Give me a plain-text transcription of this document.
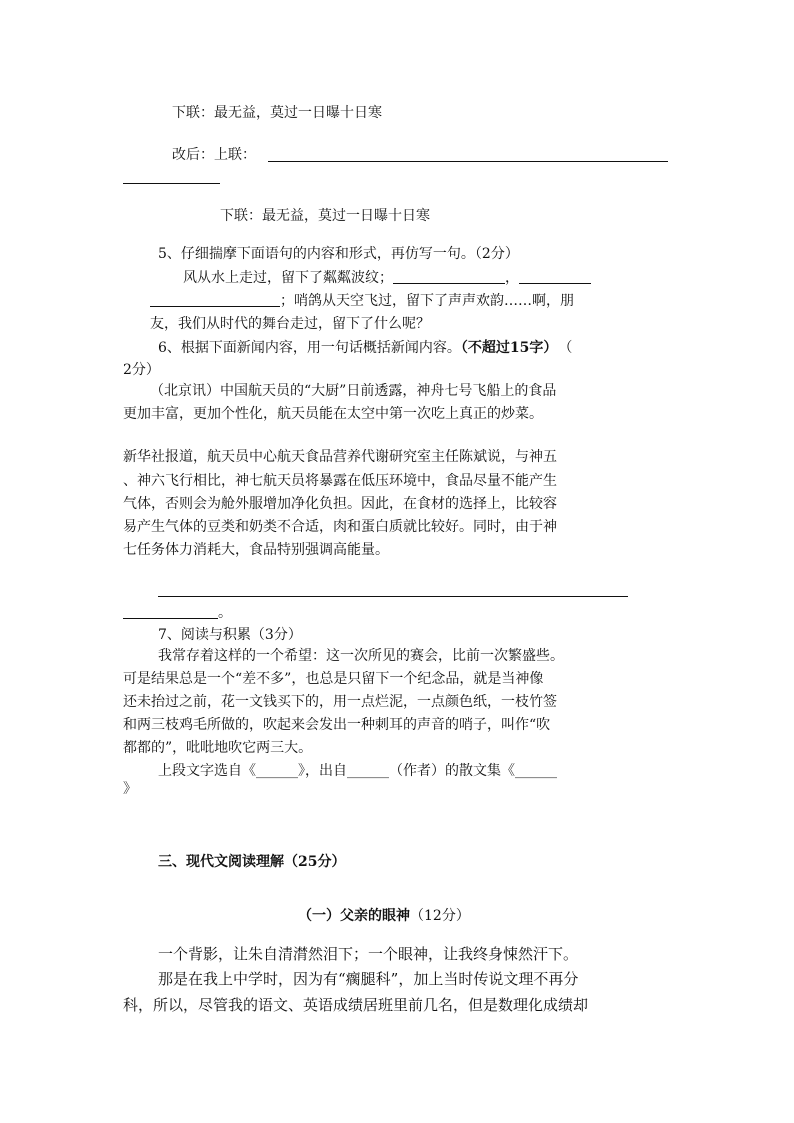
下联：最无益，莫过一日曝十日寒
改后：上联：
下联：最无益，莫过一日曝十日寒
5、仔细揣摩下面语句的内容和形式，再仿写一句。（2分）
风从水上走过，留下了粼粼波纹；	，
；哨鸽从天空飞过，留下了声声欢韵……啊，朋
友，我们从时代的舞台走过，留下了什么呢？
6、根据下面新闻内容，用一句话概括新闻内容。（不超过15字） （
2分）
（北京讯）中国航天员的“大厨”日前透露，神舟七号飞船上的食品
更加丰富，更加个性化，航天员能在太空中第一次吃上真正的炒菜。
新华社报道，航天员中心航天食品营养代谢研究室主任陈斌说，与神五
、神六飞行相比，神七航天员将暴露在低压环境中，食品尽量不能产生
气体，否则会为舱外服增加净化负担。因此，在食材的选择上，比较容
易产生气体的豆类和奶类不合适，肉和蛋白质就比较好。同时，由于神
七任务体力消耗大，食品特别强调高能量。
。
7、阅读与积累（3分）
我常存着这样的一个希望：这一次所见的赛会，比前一次繁盛些。
可是结果总是一个“差不多”，也总是只留下一个纪念品，就是当神像
还未抬过之前，花一文钱买下的，用一点烂泥，一点颜色纸，一枝竹签
和两三枝鸡毛所做的，吹起来会发出一种刺耳的声音的哨子，叫作“吹
都都的”，吡吡地吹它两三大。
上段文字选自《______》，出自______（作者）的散文集《______
》
三、现代文阅读理解（25分）
（一）父亲的眼神（12分）
一个背影，让朱自清潸然泪下；一个眼神，让我终身悚然汗下。
那是在我上中学时，因为有“瘸腿科”，加上当时传说文理不再分
科，所以，尽管我的语文、英语成绩居班里前几名，但是数理化成绩却
